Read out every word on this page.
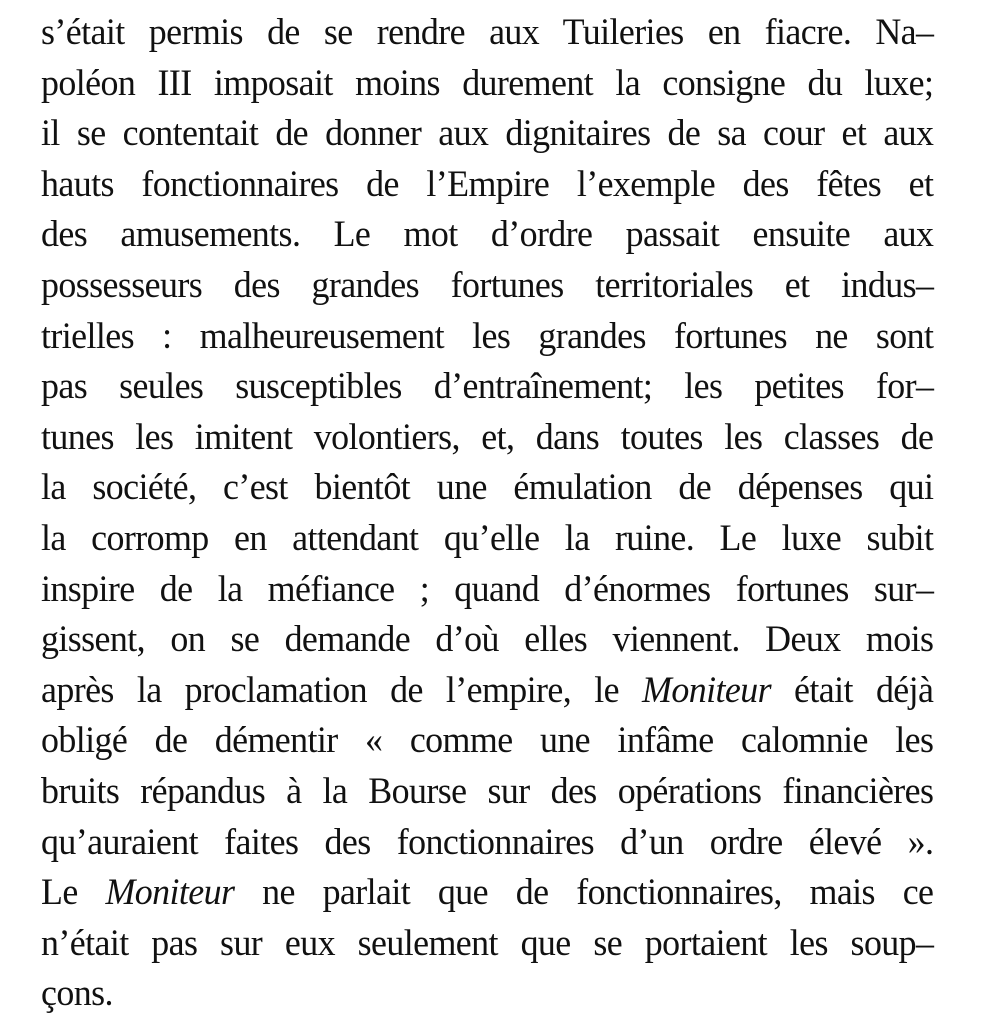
s’était permis de se rendre aux Tuileries en fiacre. Na–
poléon III imposait moins durement la consigne du luxe;
il se contentait de donner aux dignitaires de sa cour et aux
hauts fonctionnaires de l’Empire l’exemple des fêtes et
des amusements. Le mot d’ordre passait ensuite aux
possesseurs des grandes fortunes territoriales et indus–
trielles : malheureusement les grandes fortunes ne sont
pas seules susceptibles d’entraînement; les petites for–
tunes les imitent volontiers, et, dans toutes les classes de
la société, c’est bientôt une émulation de dépenses qui
la corromp en attendant qu’elle la ruine. Le luxe subit
inspire de la méfiance ; quand d’énormes fortunes sur–
gissent, on se demande d’où elles viennent. Deux mois
après la proclamation de l’empire, le Moniteur était déjà
obligé de démentir « comme une infâme calomnie les
bruits répandus à la Bourse sur des opérations financières
qu’auraient faites des fonctionnaires d’un ordre élevé ».
Le Moniteur ne parlait que de fonctionnaires, mais ce
n’était pas sur eux seulement que se portaient les soup–
çons.
